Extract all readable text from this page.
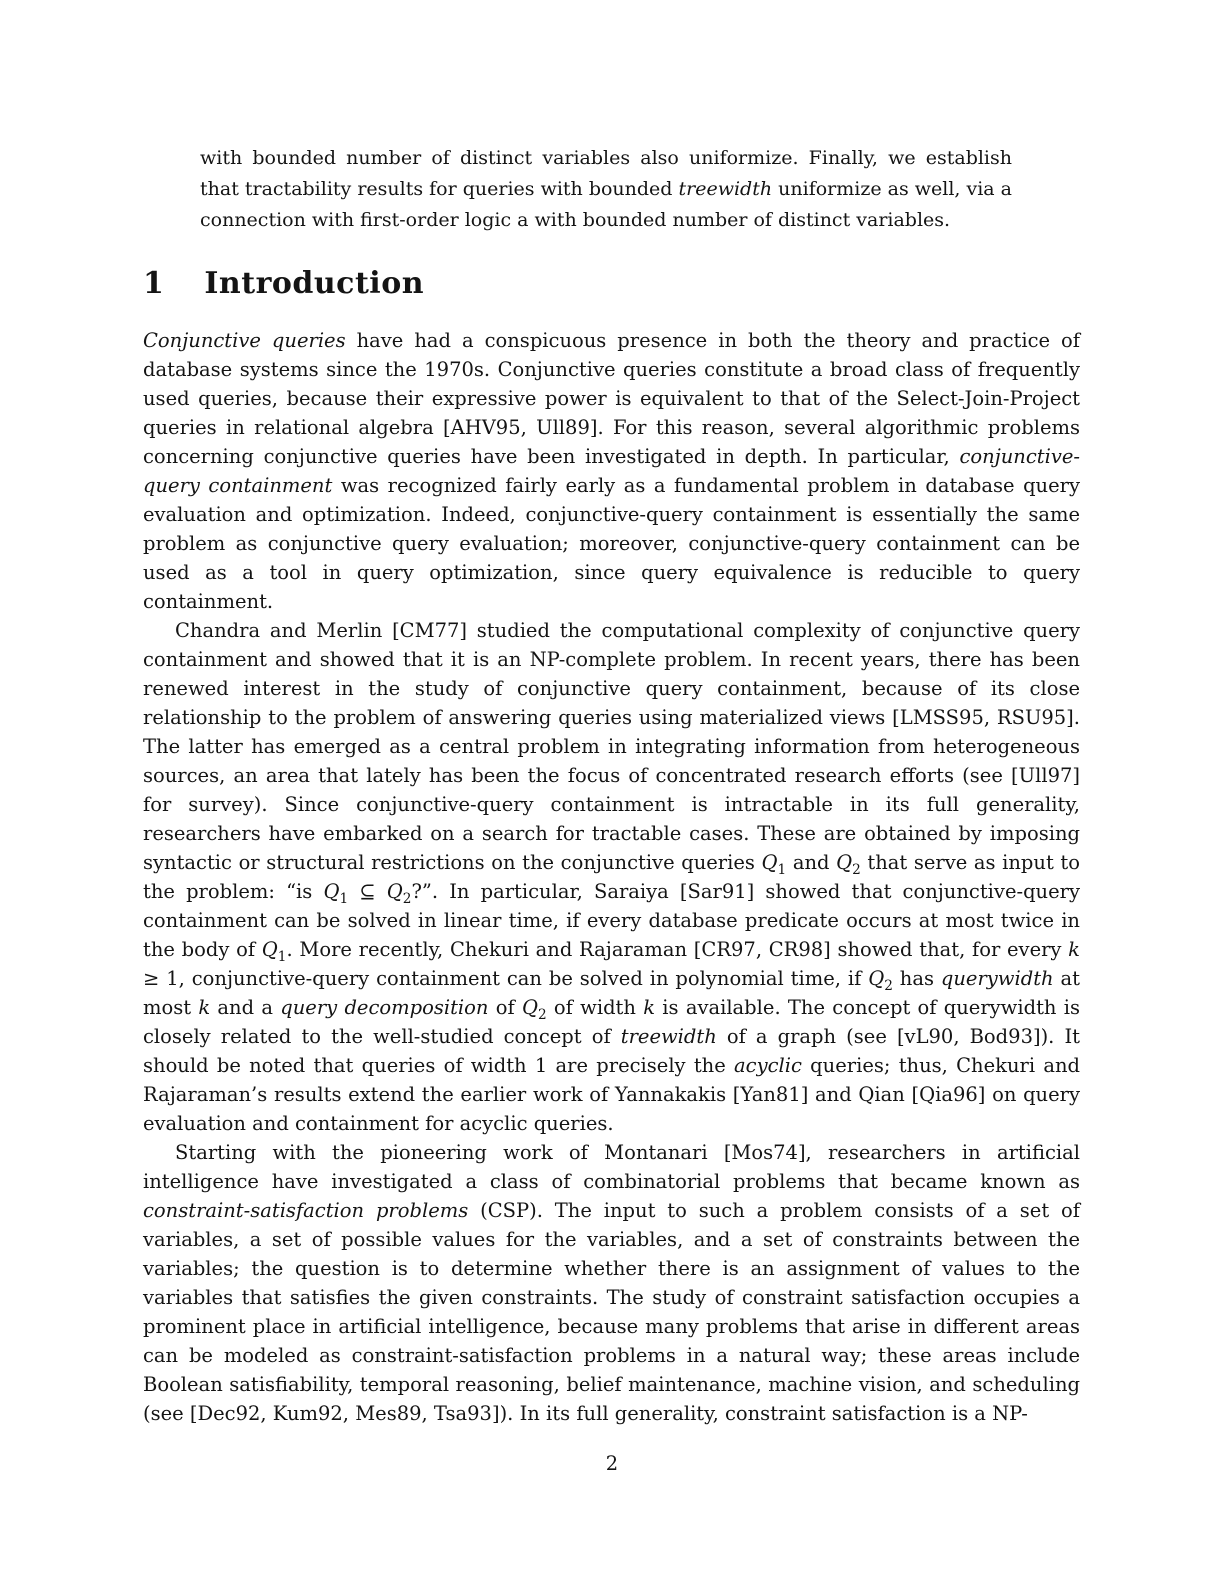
with bounded number of distinct variables also uniformize. Finally, we establish that tractability results for queries with bounded treewidth uniformize as well, via a connection with first-order logic a with bounded number of distinct variables.
1 Introduction

Conjunctive queries have had a conspicuous presence in both the theory and practice of database systems since the 1970s. Conjunctive queries constitute a broad class of frequently used queries, because their expressive power is equivalent to that of the Select-Join-Project queries in relational algebra [AHV95, Ull89]. For this reason, several algorithmic problems concerning conjunctive queries have been investigated in depth. In particular, conjunctive-query containment was recognized fairly early as a fundamental problem in database query evaluation and optimization. Indeed, conjunctive-query containment is essentially the same problem as conjunctive query evaluation; moreover, conjunctive-query containment can be used as a tool in query optimization, since query equivalence is reducible to query containment.

Chandra and Merlin [CM77] studied the computational complexity of conjunctive query containment and showed that it is an NP-complete problem. In recent years, there has been renewed interest in the study of conjunctive query containment, because of its close relationship to the problem of answering queries using materialized views [LMSS95, RSU95]. The latter has emerged as a central problem in integrating information from heterogeneous sources, an area that lately has been the focus of concentrated research efforts (see [Ull97] for survey). Since conjunctive-query containment is intractable in its full generality, researchers have embarked on a search for tractable cases. These are obtained by imposing syntactic or structural restrictions on the conjunctive queries $Q_1$ and $Q_2$ that serve as input to the problem: “is $Q_1$ ⊆ $Q_2$?”. In particular, Saraiya [Sar91] showed that conjunctive-query containment can be solved in linear time, if every database predicate occurs at most twice in the body of $Q_1$. More recently, Chekuri and Rajaraman [CR97, CR98] showed that, for every k ≥ 1, conjunctive-query containment can be solved in polynomial time, if $Q_2$ has querywidth at most k and a query decomposition of $Q_2$ of width k is available. The concept of querywidth is closely related to the well-studied concept of treewidth of a graph (see [vL90, Bod93]). It should be noted that queries of width 1 are precisely the acyclic queries; thus, Chekuri and Rajaraman’s results extend the earlier work of Yannakakis [Yan81] and Qian [Qia96] on query evaluation and containment for acyclic queries.

Starting with the pioneering work of Montanari [Mos74], researchers in artificial intelligence have investigated a class of combinatorial problems that became known as constraint-satisfaction problems (CSP). The input to such a problem consists of a set of variables, a set of possible values for the variables, and a set of constraints between the variables; the question is to determine whether there is an assignment of values to the variables that satisfies the given constraints. The study of constraint satisfaction occupies a prominent place in artificial intelligence, because many problems that arise in different areas can be modeled as constraint-satisfaction problems in a natural way; these areas include Boolean satisfiability, temporal reasoning, belief maintenance, machine vision, and scheduling (see [Dec92, Kum92, Mes89, Tsa93]). In its full generality, constraint satisfaction is a NP-

2
